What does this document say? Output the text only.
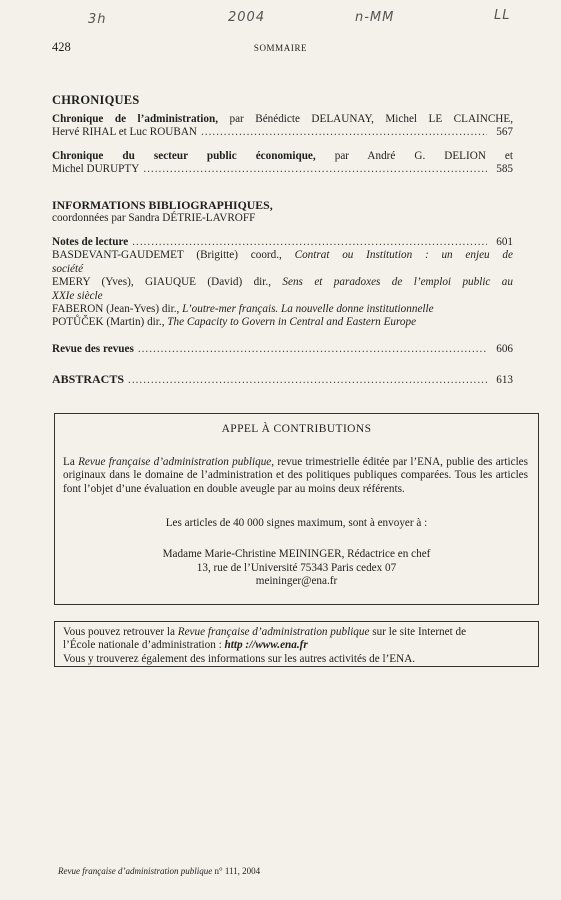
3h	2004	n-MM	LL
428	SOMMAIRE
CHRONIQUES
Chronique de l’administration, par Bénédicte DELAUNAY, Michel LE CLAINCHE,
Hervé RIHAL et Luc ROUBAN .....	567
Chronique du secteur public économique, par André G. DELION et
Michel DURUPTY .....	585
INFORMATIONS BIBLIOGRAPHIQUES,
coordonnées par Sandra DÉTRIE-LAVROFF
Notes de lecture .....	601
BASDEVANT-GAUDEMET (Brigitte) coord., Contrat ou Institution : un enjeu de
société
EMERY (Yves), GIAUQUE (David) dir., Sens et paradoxes de l’emploi public au
XXIe siècle
FABERON (Jean-Yves) dir., L’outre-mer français. La nouvelle donne institutionnelle
POTŮČEK (Martin) dir., The Capacity to Govern in Central and Eastern Europe
Revue des revues .....	606
ABSTRACTS .....	613
APPEL À CONTRIBUTIONS
La Revue française d’administration publique, revue trimestrielle éditée par l’ENA, publie des articles originaux dans le domaine de l’administration et des politiques publiques comparées. Tous les articles font l’objet d’une évaluation en double aveugle par au moins deux référents.
Les articles de 40 000 signes maximum, sont à envoyer à :
Madame Marie-Christine MEININGER, Rédactrice en chef
13, rue de l’Université 75343 Paris cedex 07
meininger@ena.fr
Vous pouvez retrouver la Revue française d’administration publique sur le site Internet de
l’École nationale d’administration : http ://www.ena.fr
Vous y trouverez également des informations sur les autres activités de l’ENA.
Revue française d’administration publique n° 111, 2004
